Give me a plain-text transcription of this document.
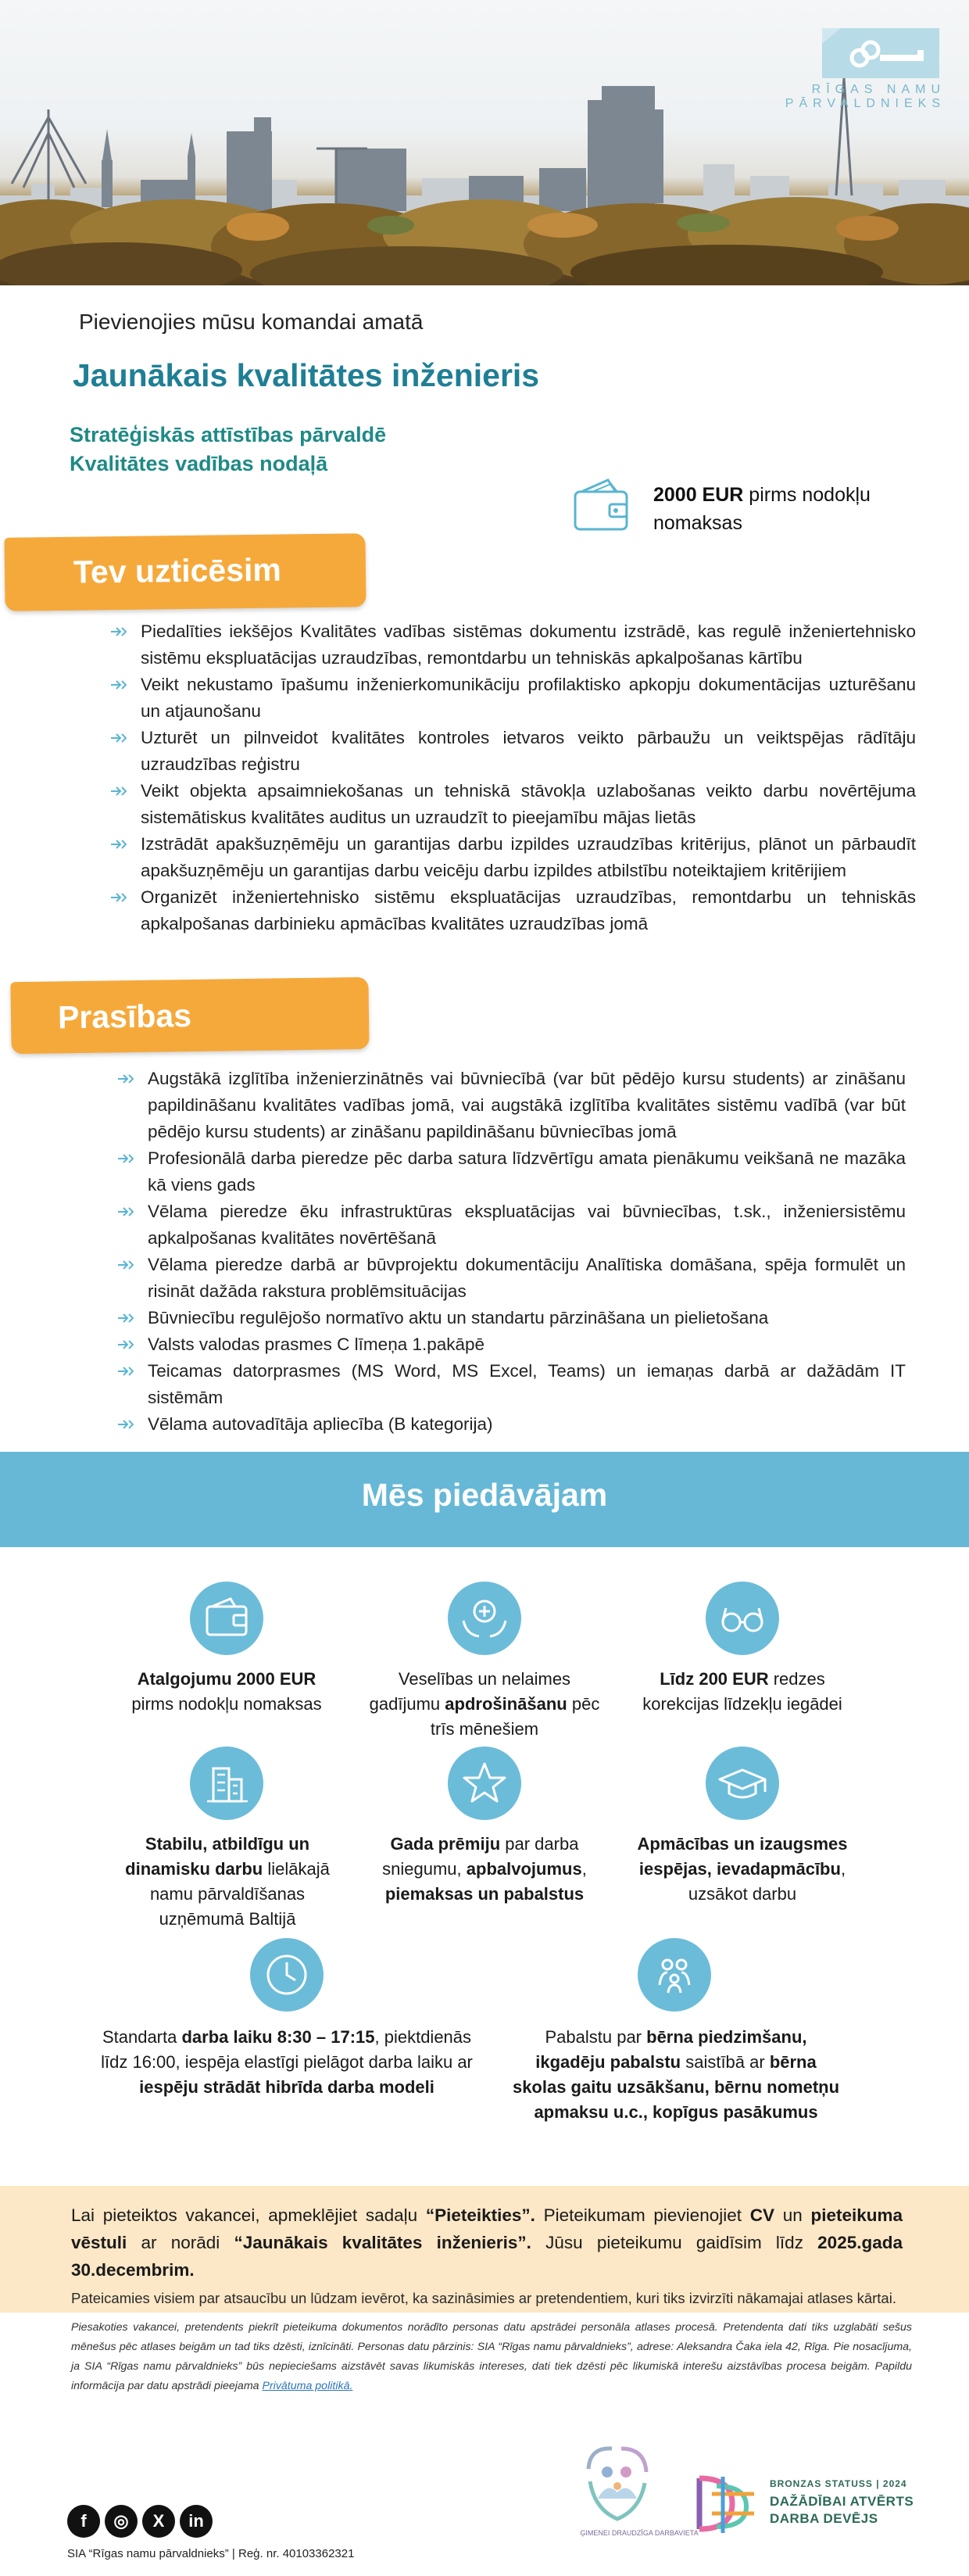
RĪGAS NAMU PĀRVALDNIEKS
Pievienojies mūsu komandai amatā
Jaunākais kvalitātes inženieris
Stratēģiskās attīstības pārvaldē
Kvalitātes vadības nodaļā
2000 EUR pirms nodokļu nomaksas
Tev uzticēsim
Piedalīties iekšējos Kvalitātes vadības sistēmas dokumentu izstrādē, kas regulē inženiertehnisko sistēmu ekspluatācijas uzraudzības, remontdarbu un tehniskās apkalpošanas kārtību
Veikt nekustamo īpašumu inženierkomunikāciju profilaktisko apkopju dokumentācijas uzturēšanu un atjaunošanu
Uzturēt un pilnveidot kvalitātes kontroles ietvaros veikto pārbaužu un veiktspējas rādītāju uzraudzības reģistru
Veikt objekta apsaimniekošanas un tehniskā stāvokļa uzlabošanas veikto darbu novērtējuma sistemātiskus kvalitātes auditus un uzraudzīt to pieejamību mājas lietās
Izstrādāt apakšuzņēmēju un garantijas darbu izpildes uzraudzības kritērijus, plānot un pārbaudīt apakšuzņēmēju un garantijas darbu veicēju darbu izpildes atbilstību noteiktajiem kritērijiem
Organizēt inženiertehnisko sistēmu ekspluatācijas uzraudzības, remontdarbu un tehniskās apkalpošanas darbinieku apmācības kvalitātes uzraudzības jomā
Prasības
Augstākā izglītība inženierzinātnēs vai būvniecībā (var būt pēdējo kursu students) ar zināšanu papildināšanu kvalitātes vadības jomā, vai augstākā izglītība kvalitātes sistēmu vadībā (var būt pēdējo kursu students) ar zināšanu papildināšanu būvniecības jomā
Profesionālā darba pieredze pēc darba satura līdzvērtīgu amata pienākumu veikšanā ne mazāka kā viens gads
Vēlama pieredze ēku infrastruktūras ekspluatācijas vai būvniecības, t.sk., inženiersistēmu apkalpošanas kvalitātes novērtēšanā
Vēlama pieredze darbā ar būvprojektu dokumentāciju Analītiska domāšana, spēja formulēt un risināt dažāda rakstura problēmsituācijas
Būvniecību regulējošo normatīvo aktu un standartu pārzināšana un pielietošana
Valsts valodas prasmes C līmeņa 1.pakāpē
Teicamas datorprasmes (MS Word, MS Excel, Teams) un iemaņas darbā ar dažādām IT sistēmām
Vēlama autovadītāja apliecība (B kategorija)
Mēs piedāvājam
Atalgojumu 2000 EUR
pirms nodokļu nomaksas
Veselības un nelaimes gadījumu apdrošināšanu pēc trīs mēnešiem
Līdz 200 EUR redzes korekcijas līdzekļu iegādei
Stabilu, atbildīgu un dinamisku darbu lielākajā namu pārvaldīšanas uzņēmumā Baltijā
Gada prēmiju par darba sniegumu, apbalvojumus, piemaksas un pabalstus
Apmācības un izaugsmes iespējas, ievadapmācību, uzsākot darbu
Standarta darba laiku 8:30 – 17:15, piektdienās līdz 16:00, iespēja elastīgi pielāgot darba laiku ar iespēju strādāt hibrīda darba modeli
Pabalstu par bērna piedzimšanu, ikgadēju pabalstu saistībā ar bērna skolas gaitu uzsākšanu, bērnu nometņu apmaksu u.c., kopīgus pasākumus

Lai pieteiktos vakancei, apmeklējiet sadaļu “Pieteikties”. Pieteikumam pievienojiet CV un pieteikuma vēstuli ar norādi “Jaunākais kvalitātes inženieris”. Jūsu pieteikumu gaidīsim līdz 2025.gada 30.decembrim.

Pateicamies visiem par atsaucību un lūdzam ievērot, ka sazināsimies ar pretendentiem, kuri tiks izvirzīti nākamajai atlases kārtai.
Piesakoties vakancei, pretendents piekrīt pieteikuma dokumentos norādīto personas datu apstrādei personāla atlases procesā. Pretendenta dati tiks uzglabāti sešus mēnešus pēc atlases beigām un tad tiks dzēsti, iznīcināti. Personas datu pārzinis: SIA “Rīgas namu pārvaldnieks”, adrese: Aleksandra Čaka iela 42, Rīga. Pie nosacījuma, ja SIA “Rīgas namu pārvaldnieks” būs nepieciešams aizstāvēt savas likumiskās intereses, dati tiek dzēsti pēc likumiskā interešu aizstāvības procesa beigām. Papildu informācija par datu apstrādi pieejama Privātuma politikā.
f	◎	X	in
SIA “Rīgas namu pārvaldnieks” | Reģ. nr. 40103362321
ĢIMENEI DRAUDZĪGA DARBAVIETA
BRONZAS STATUSS | 2024
DAŽĀDĪBAI ATVĒRTS
DARBA DEVĒJS
